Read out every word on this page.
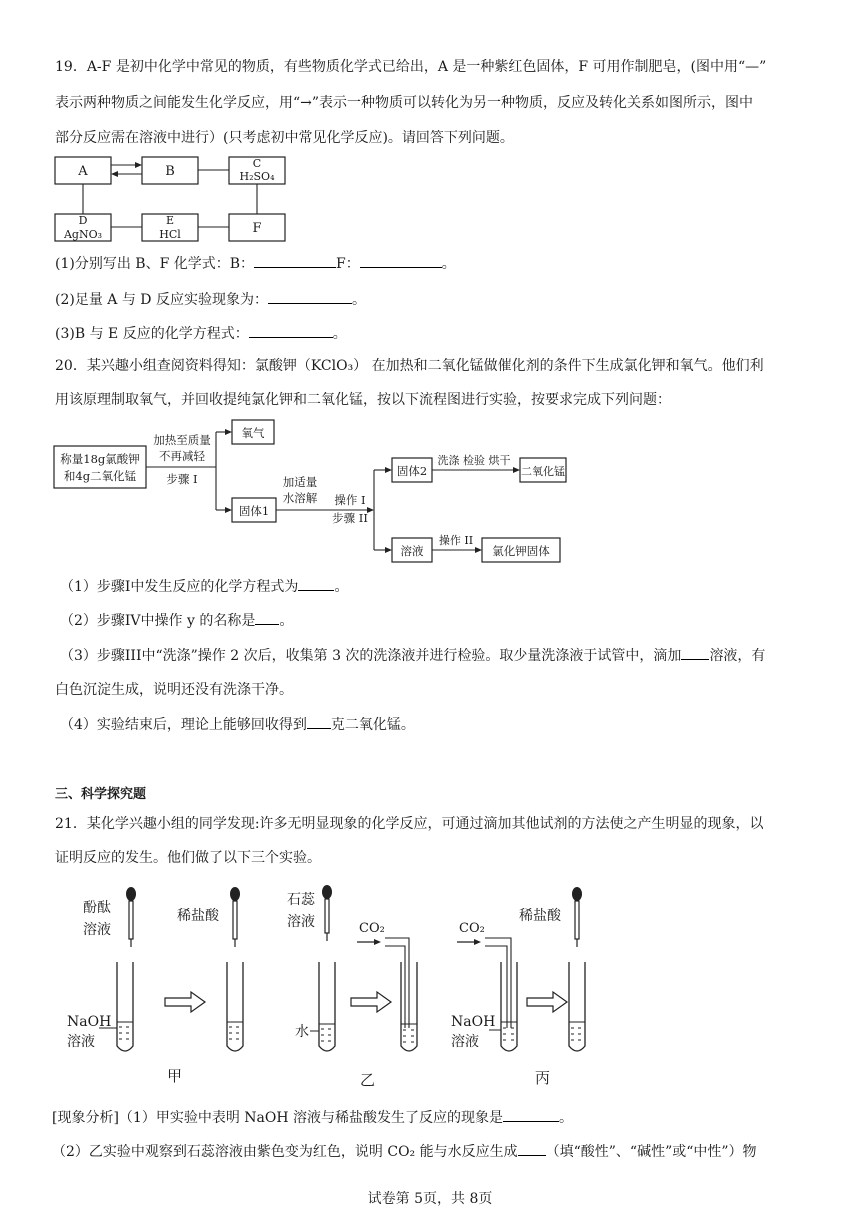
19．A-F 是初中化学中常见的物质，有些物质化学式已给出，A 是一种紫红色固体，F 可用作制肥皂，(图中用“—”
表示两种物质之间能发生化学反应，用“→”表示一种物质可以转化为另一种物质，反应及转化关系如图所示，图中
部分反应需在溶液中进行）(只考虑初中常见化学反应)。请回答下列问题。
A	B
C
H₂SO₄
D
AgNO₃
E
HCl	F
(1)分别写出 B、F 化学式：B：	F：	。
(2)足量 A 与 D 反应实验现象为：	。
(3)B 与 E 反应的化学方程式：	。
20．某兴趣小组查阅资料得知：氯酸钾（KClO₃） 在加热和二氧化锰做催化剂的条件下生成氯化钾和氧气。他们利
用该原理制取氧气，并回收提纯氯化钾和二氧化锰，按以下流程图进行实验，按要求完成下列问题：
称量18g氯酸钾
和4g二氧化锰
加热至质量
不再减轻
步骤 I
氧气
固体1
加适量
水溶解 操作 I
步骤 II
固体2
洗涤 检验 烘干
二氧化锰
溶液
操作 II
氯化钾固体
（1）步骤I中发生反应的化学方程式为	。
（2）步骤IV中操作 y 的名称是 。
（3）步骤III中“洗涤”操作 2 次后，收集第 3 次的洗涤液并进行检验。取少量洗涤液于试管中，滴加 溶液，有
白色沉淀生成，说明还没有洗涤干净。
（4）实验结束后，理论上能够回收得到 克二氧化锰。
三、科学探究题
21．某化学兴趣小组的同学发现:许多无明显现象的化学反应，可通过滴加其他试剂的方法使之产生明显的现象，以
证明反应的发生。他们做了以下三个实验。
酚酞
溶液
NaOH
溶液
稀盐酸
甲
石蕊
溶液
水
CO₂
乙
CO₂
NaOH
溶液
稀盐酸
丙
[现象分析]（1）甲实验中表明 NaOH 溶液与稀盐酸发生了反应的现象是	。
（2）乙实验中观察到石蕊溶液由紫色变为红色，说明 CO₂ 能与水反应生成 （填“酸性”、“碱性”或“中性”）物
试卷第 5页，共 8页
